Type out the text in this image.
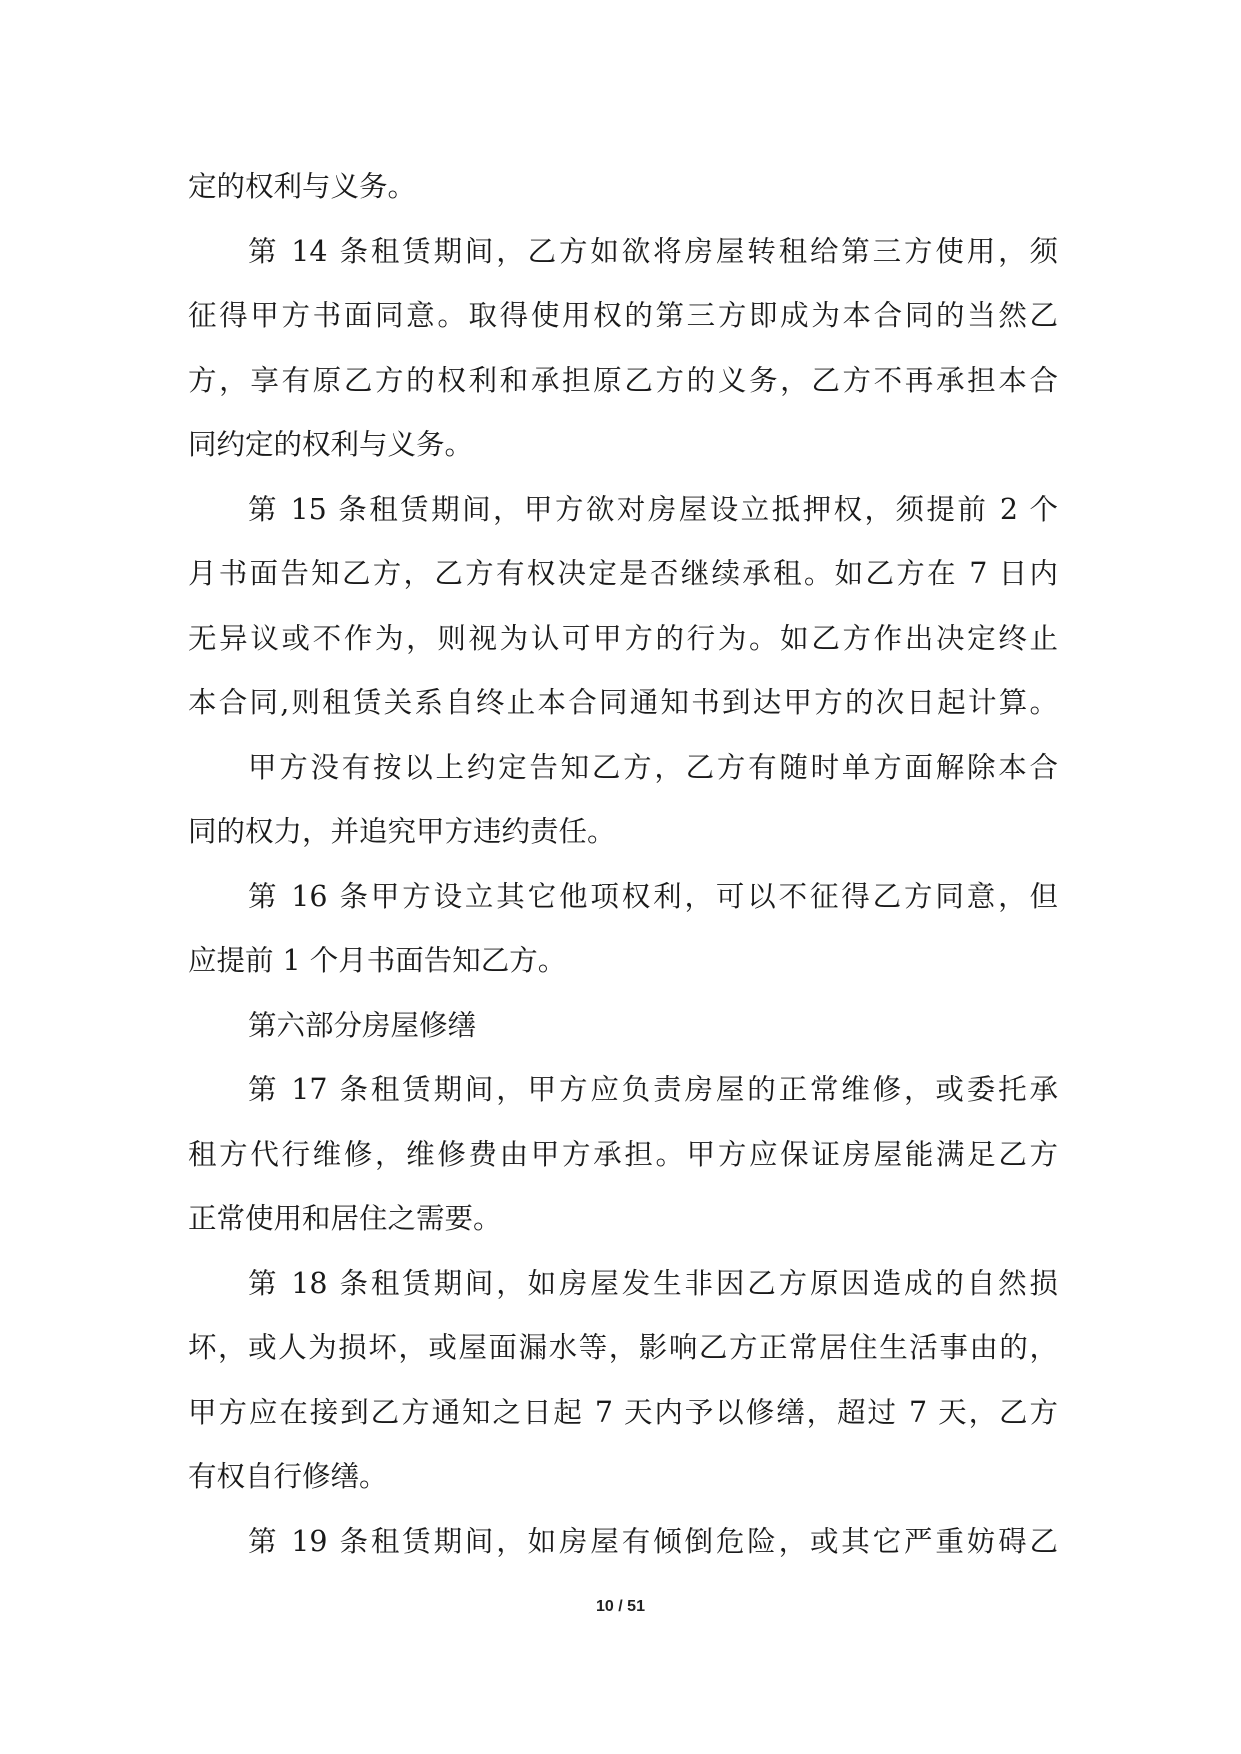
定的权利与义务。
第 14 条租赁期间，乙方如欲将房屋转租给第三方使用，须
征得甲方书面同意。取得使用权的第三方即成为本合同的当然乙
方，享有原乙方的权利和承担原乙方的义务，乙方不再承担本合
同约定的权利与义务。
第 15 条租赁期间，甲方欲对房屋设立抵押权，须提前 2 个
月书面告知乙方，乙方有权决定是否继续承租。如乙方在 7 日内
无异议或不作为，则视为认可甲方的行为。如乙方作出决定终止
本合同,则租赁关系自终止本合同通知书到达甲方的次日起计算。
甲方没有按以上约定告知乙方，乙方有随时单方面解除本合
同的权力，并追究甲方违约责任。
第 16 条甲方设立其它他项权利，可以不征得乙方同意，但
应提前 1 个月书面告知乙方。
第六部分房屋修缮
第 17 条租赁期间，甲方应负责房屋的正常维修，或委托承
租方代行维修，维修费由甲方承担。甲方应保证房屋能满足乙方
正常使用和居住之需要。
第 18 条租赁期间，如房屋发生非因乙方原因造成的自然损
坏，或人为损坏，或屋面漏水等，影响乙方正常居住生活事由的，
甲方应在接到乙方通知之日起 7 天内予以修缮，超过 7 天，乙方
有权自行修缮。
第 19 条租赁期间，如房屋有倾倒危险，或其它严重妨碍乙
10 / 51
